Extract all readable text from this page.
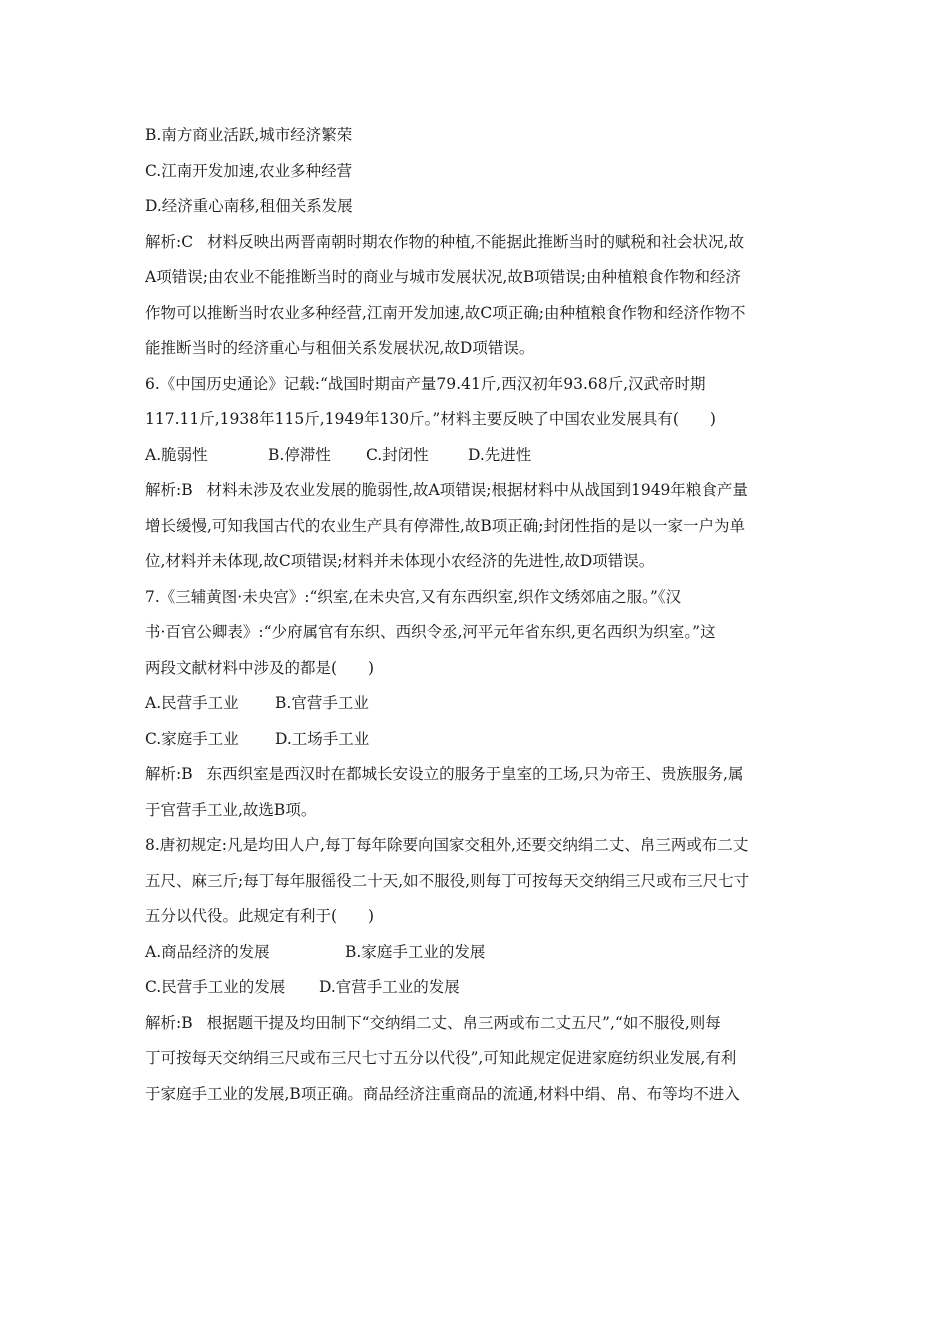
B.南方商业活跃,城市经济繁荣
C.江南开发加速,农业多种经营
D.经济重心南移,租佃关系发展
解析:C 材料反映出两晋南朝时期农作物的种植,不能据此推断当时的赋税和社会状况,故
A项错误;由农业不能推断当时的商业与城市发展状况,故B项错误;由种植粮食作物和经济
作物可以推断当时农业多种经营,江南开发加速,故C项正确;由种植粮食作物和经济作物不
能推断当时的经济重心与租佃关系发展状况,故D项错误。
6.《中国历史通论》记载:“战国时期亩产量79.41斤,西汉初年93.68斤,汉武帝时期
117.11斤,1938年115斤,1949年130斤。”材料主要反映了中国农业发展具有(　　)
A.脆弱性	B.停滞性	C.封闭性	D.先进性
解析:B 材料未涉及农业发展的脆弱性,故A项错误;根据材料中从战国到1949年粮食产量
增长缓慢,可知我国古代的农业生产具有停滞性,故B项正确;封闭性指的是以一家一户为单
位,材料并未体现,故C项错误;材料并未体现小农经济的先进性,故D项错误。
7.《三辅黄图·未央宫》:“织室,在未央宫,又有东西织室,织作文绣郊庙之服。”《汉
书·百官公卿表》:“少府属官有东织、西织令丞,河平元年省东织,更名西织为织室。”这
两段文献材料中涉及的都是(　　)
A.民营手工业	B.官营手工业
C.家庭手工业	D.工场手工业
解析:B 东西织室是西汉时在都城长安设立的服务于皇室的工场,只为帝王、贵族服务,属
于官营手工业,故选B项。
8.唐初规定:凡是均田人户,每丁每年除要向国家交租外,还要交纳绢二丈、帛三两或布二丈
五尺、麻三斤;每丁每年服徭役二十天,如不服役,则每丁可按每天交纳绢三尺或布三尺七寸
五分以代役。此规定有利于(　　)
A.商品经济的发展	B.家庭手工业的发展
C.民营手工业的发展	D.官营手工业的发展
解析:B 根据题干提及均田制下“交纳绢二丈、帛三两或布二丈五尺”,“如不服役,则每
丁可按每天交纳绢三尺或布三尺七寸五分以代役”,可知此规定促进家庭纺织业发展,有利
于家庭手工业的发展,B项正确。商品经济注重商品的流通,材料中绢、帛、布等均不进入
